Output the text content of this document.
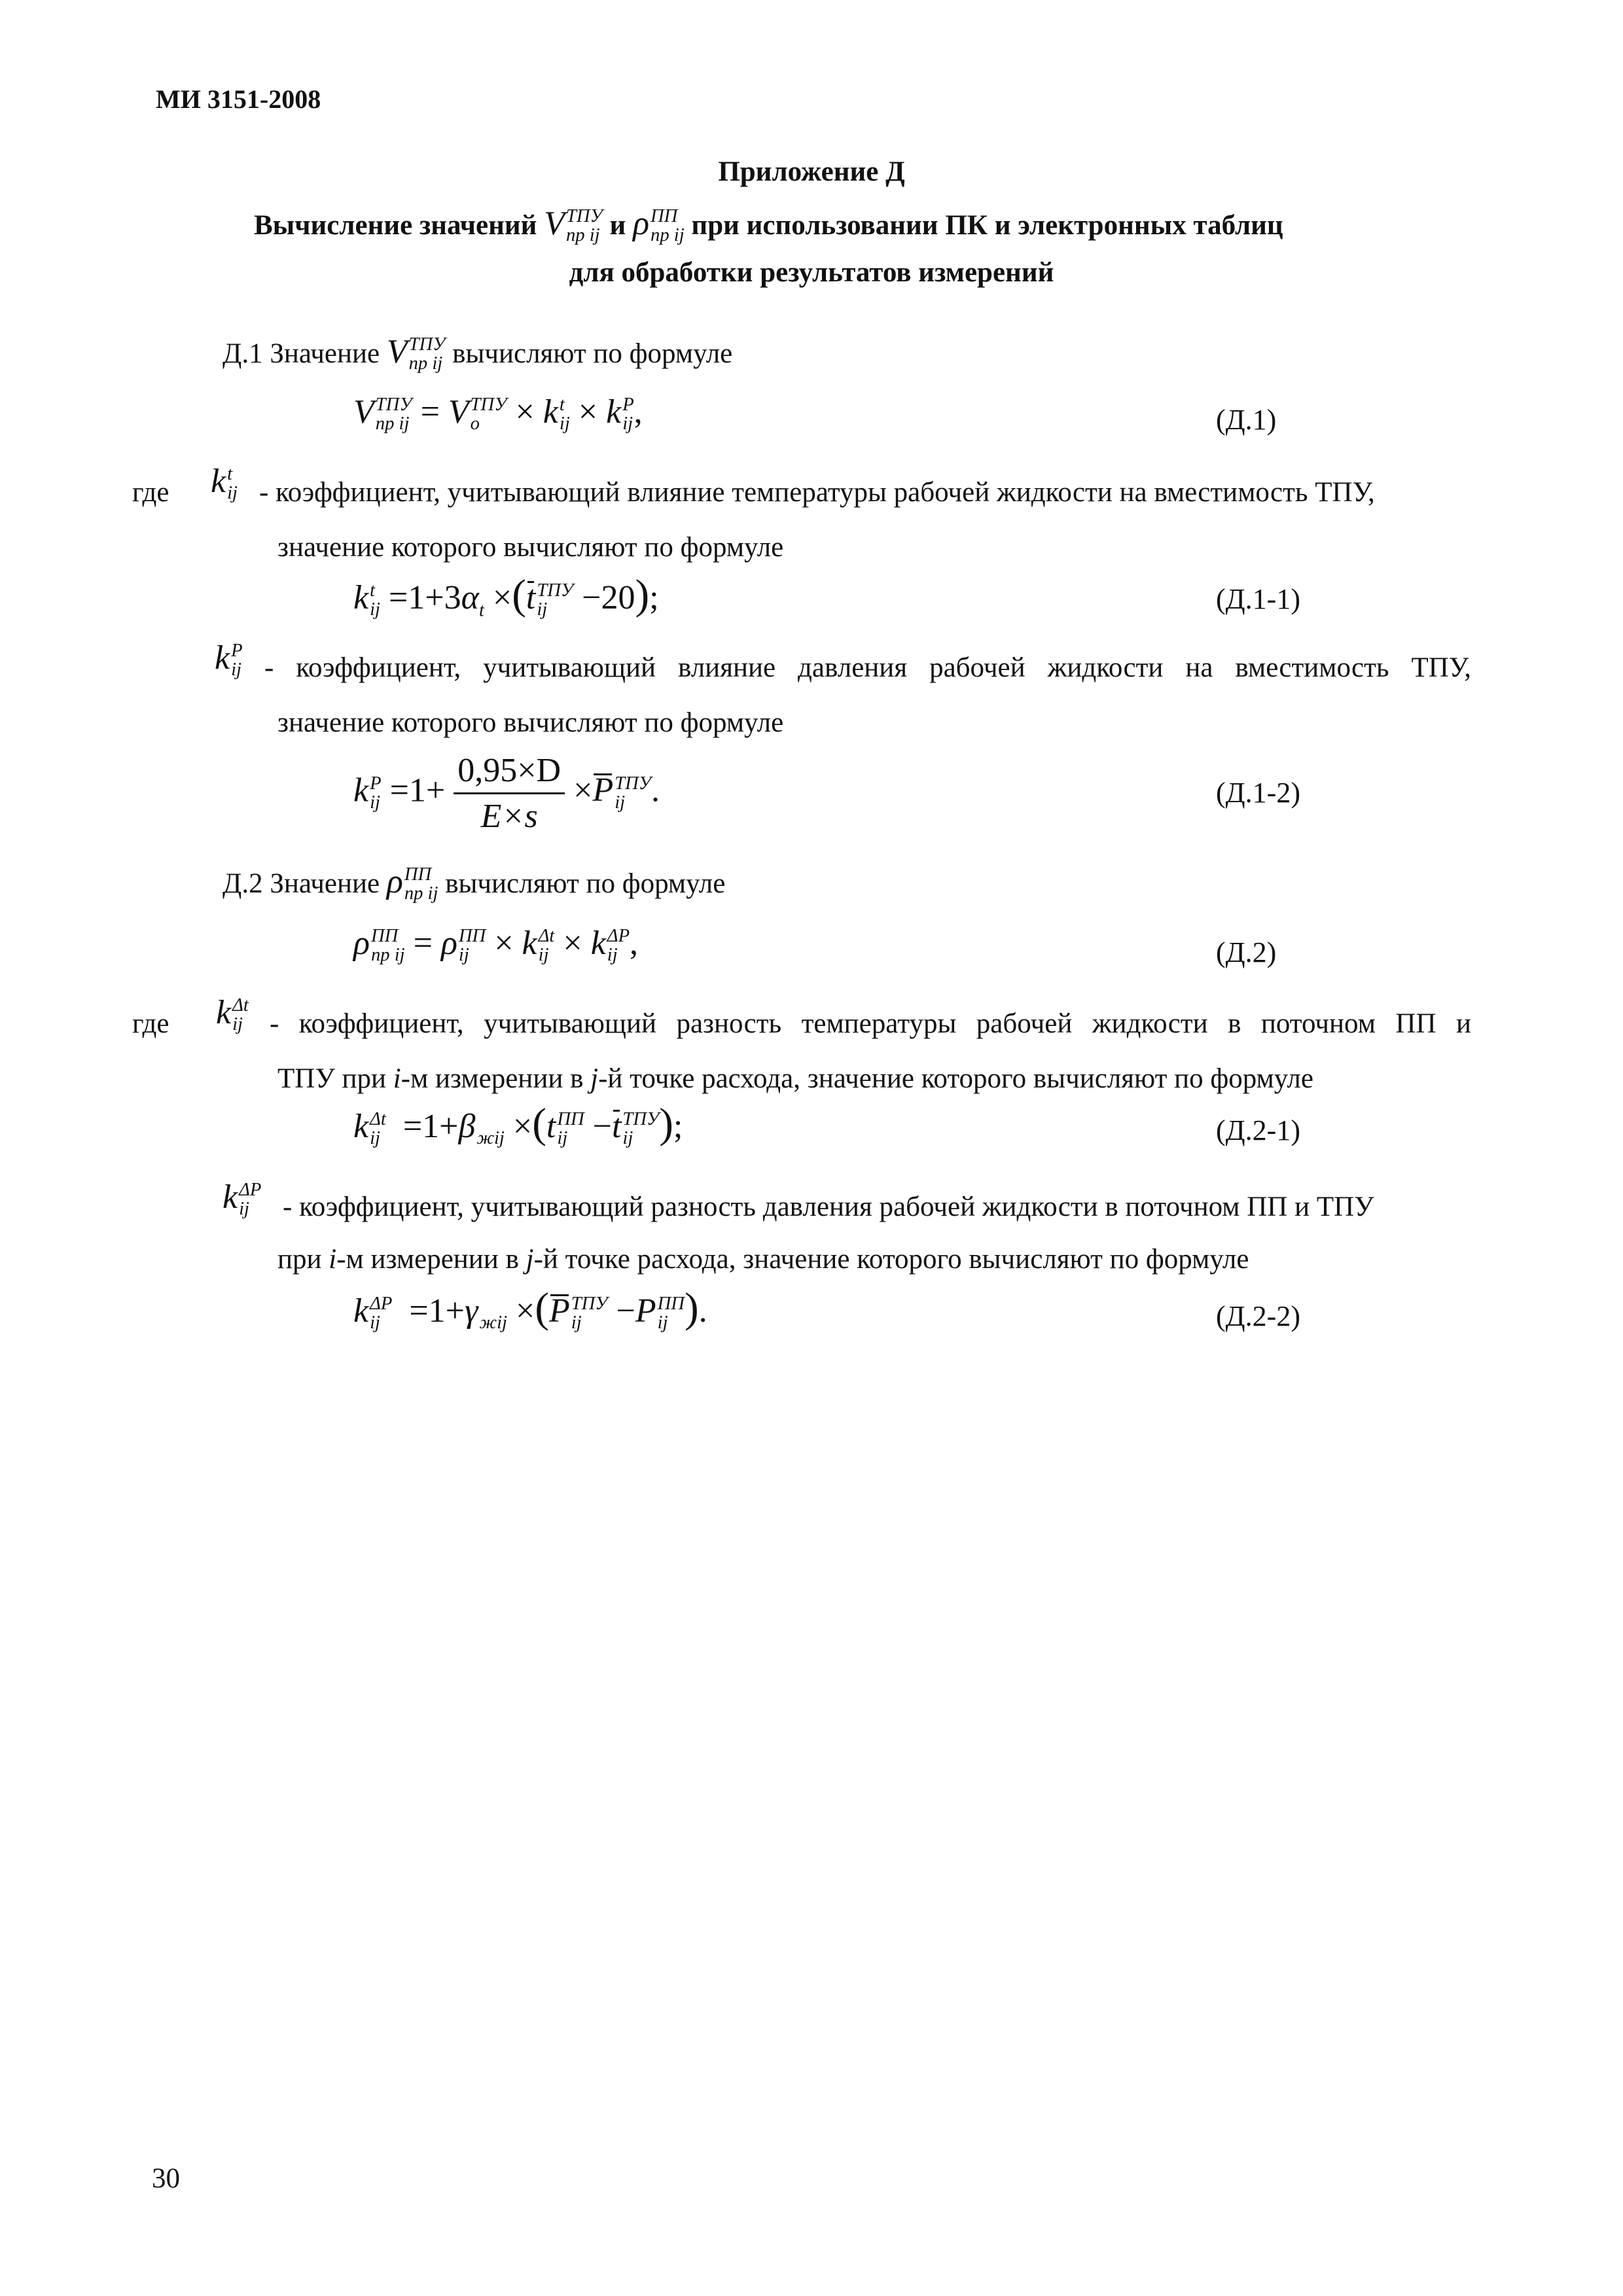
МИ 3151-2008
Приложение Д
Вычисление значений V ТПУ
пр ij и ρ ПП
пр ij при использовании ПК и электронных таблиц
для обработки результатов измерений
Д.1 Значение V ТПУ
пр ij вычисляют по формуле
V ТПУ
пр ij = V ТПУ
o	× k t
ij × k P
ij ,	(Д.1)
где k t
ij - коэффициент, учитывающий влияние температуры рабочей жидкости на вместимость ТПУ,
значение которого вычисляют по формуле
k t
ij $=1+3\alpha_t \times(t$ ТПУ
ij	−20);	(Д.1-1)
k P
ij - коэффициент, учитывающий влияние давления рабочей жидкости на вместимость ТПУ,
значение которого вычисляют по формуле
k P
ij $=1+ \frac{0,95\times D}{E\times s} \times P$ ТПУ
ij .	(Д.1-2)
Д.2 Значение ρ ПП
пр ij вычисляют по формуле
ρ ПП
пр ij = ρ ПП
ij × k Δt
ij × k ΔP
ij ,	(Д.2)
где k Δt
ij - коэффициент, учитывающий разность температуры рабочей жидкости в поточном ПП и
ТПУ при i-м измерении в j-й точке расхода, значение которого вычисляют по формуле
k Δt
ij =1+β
жij ×(t ПП
ij −t ТПУ
ij );	(Д.2-1)
k ΔP
ij	- коэффициент, учитывающий разность давления рабочей жидкости в поточном ПП и ТПУ
при i-м измерении в j-й точке расхода, значение которого вычисляют по формуле
k ΔP
ij =1+γ
жij ×(P ТПУ
ij	−P ПП
ij ).	(Д.2-2)
30
